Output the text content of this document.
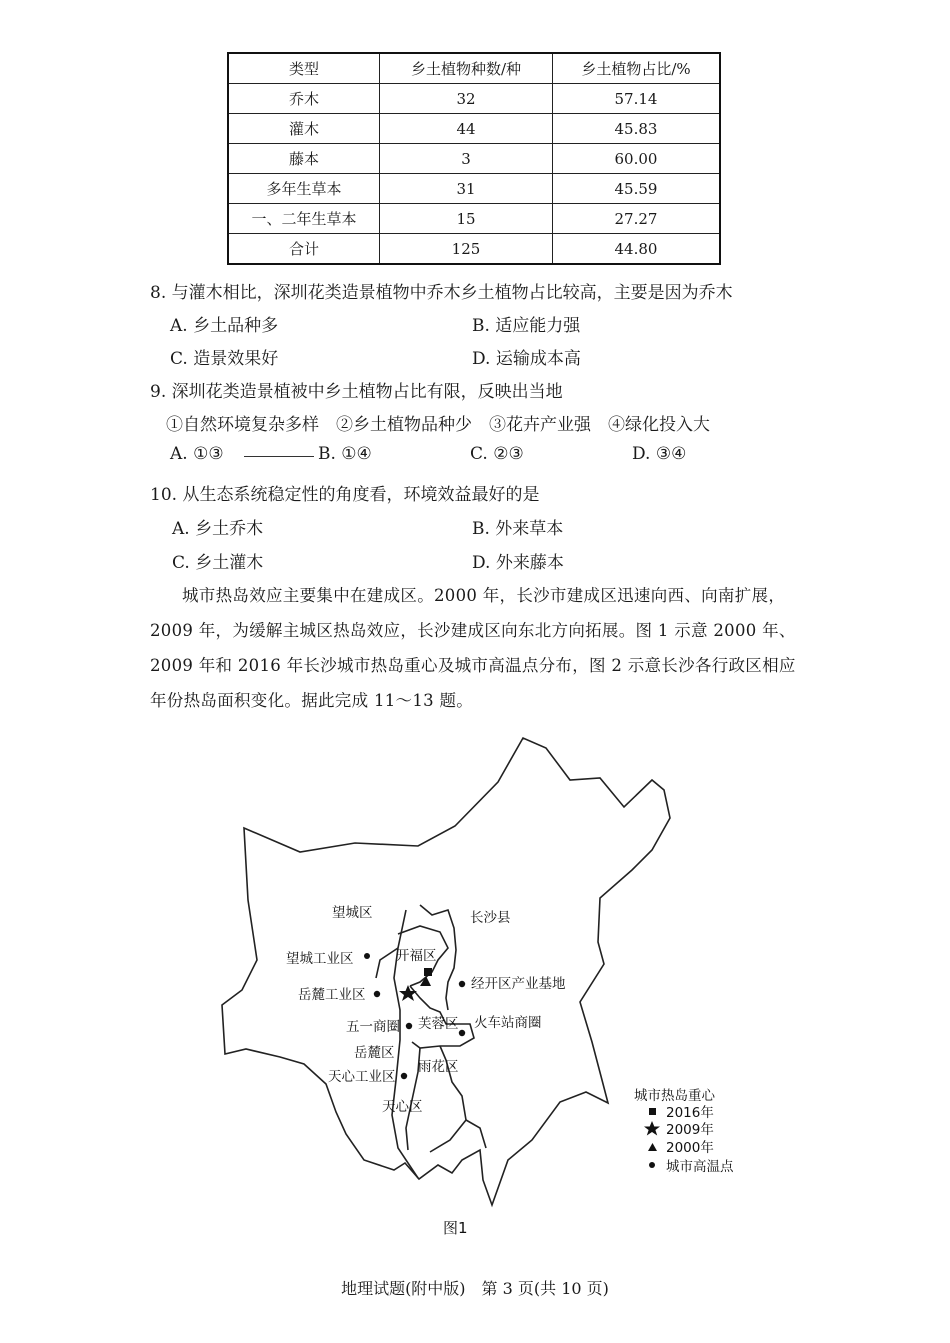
类型	乡土植物种数/种	乡土植物占比/%
乔木	32	57.14
灌木	44	45.83
藤本	3	60.00
多年生草本	31	45.59
一、二年生草本	15	27.27
合计	125	44.80
8. 与灌木相比，深圳花类造景植物中乔木乡土植物占比较高，主要是因为乔木
A. 乡土品种多	B. 适应能力强
C. 造景效果好	D. 运输成本高
9. 深圳花类造景植被中乡土植物占比有限，反映出当地
①自然环境复杂多样　②乡土植物品种少　③花卉产业强　④绿化投入大
A. ①③	B. ①④	C. ②③	D. ③④
10. 从生态系统稳定性的角度看，环境效益最好的是
A. 乡土乔木	B. 外来草本
C. 乡土灌木	D. 外来藤本
城市热岛效应主要集中在建成区。2000 年，长沙市建成区迅速向西、向南扩展，
2009 年，为缓解主城区热岛效应，长沙建成区向东北方向拓展。图 1 示意 2000 年、
2009 年和 2016 年长沙城市热岛重心及城市高温点分布，图 2 示意长沙各行政区相应
年份热岛面积变化。据此完成 11～13 题。
望城区	长沙县
开福区
望城工业区
岳麓工业区
经开区产业基地
五一商圈 芙蓉区 火车站商圈
岳麓区
雨花区
天心工业区
天心区
城市热岛重心
2016年
2009年
2000年
城市高温点
图1
地理试题(附中版)　第 3 页(共 10 页)
